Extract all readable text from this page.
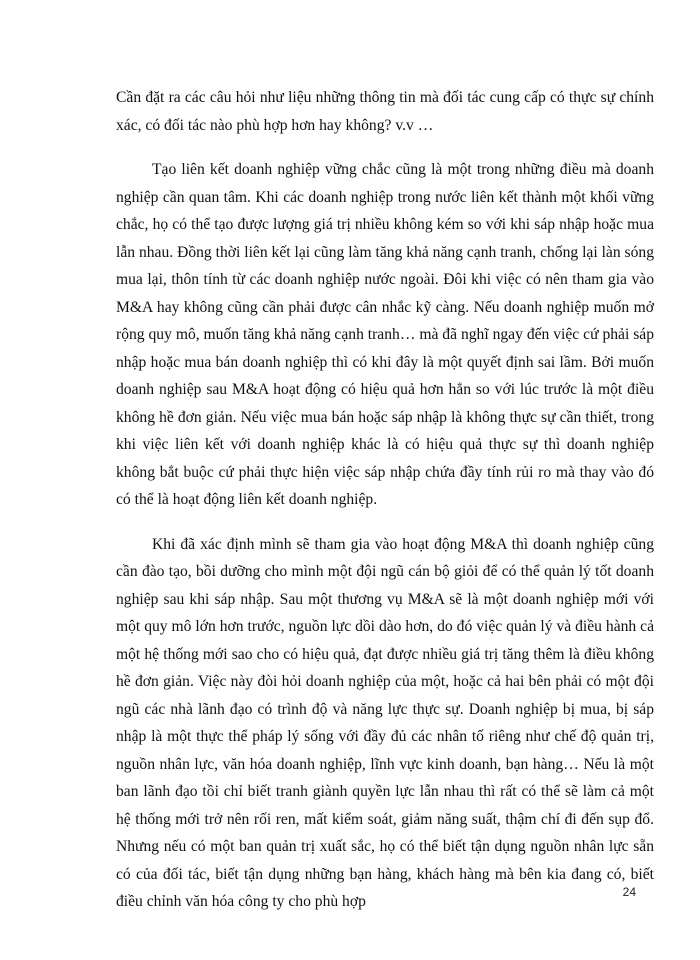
Cần đặt ra các câu hỏi như liệu những thông tin mà đối tác cung cấp có thực sự chính xác, có đối tác nào phù hợp hơn hay không? v.v …

Tạo liên kết doanh nghiệp vững chắc cũng là một trong những điều mà doanh nghiệp cần quan tâm. Khi các doanh nghiệp trong nước liên kết thành một khối vững chắc, họ có thể tạo được lượng giá trị nhiều không kém so với khi sáp nhập hoặc mua lẫn nhau. Đồng thời liên kết lại cũng làm tăng khả năng cạnh tranh, chống lại làn sóng mua lại, thôn tính từ các doanh nghiệp nước ngoài. Đôi khi việc có nên tham gia vào M&A hay không cũng cần phải được cân nhắc kỹ càng. Nếu doanh nghiệp muốn mở rộng quy mô, muốn tăng khả năng cạnh tranh… mà đã nghĩ ngay đến việc cứ phải sáp nhập hoặc mua bán doanh nghiệp thì có khi đây là một quyết định sai lầm. Bởi muốn doanh nghiệp sau M&A hoạt động có hiệu quả hơn hẳn so với lúc trước là một điều không hề đơn giản. Nếu việc mua bán hoặc sáp nhập là không thực sự cần thiết, trong khi việc liên kết với doanh nghiệp khác là có hiệu quả thực sự thì doanh nghiệp không bắt buộc cứ phải thực hiện việc sáp nhập chứa đầy tính rủi ro mà thay vào đó có thể là hoạt động liên kết doanh nghiệp.

Khi đã xác định mình sẽ tham gia vào hoạt động M&A thì doanh nghiệp cũng cần đào tạo, bồi dưỡng cho mình một đội ngũ cán bộ giỏi để có thể quản lý tốt doanh nghiệp sau khi sáp nhập. Sau một thương vụ M&A sẽ là một doanh nghiệp mới với một quy mô lớn hơn trước, nguồn lực dồi dào hơn, do đó việc quản lý và điều hành cả một hệ thống mới sao cho có hiệu quả, đạt được nhiều giá trị tăng thêm là điều không hề đơn giản. Việc này đòi hỏi doanh nghiệp của một, hoặc cả hai bên phải có một đội ngũ các nhà lãnh đạo có trình độ và năng lực thực sự. Doanh nghiệp bị mua, bị sáp nhập là một thực thể pháp lý sống với đầy đủ các nhân tố riêng như chế độ quản trị, nguồn nhân lực, văn hóa doanh nghiệp, lĩnh vực kinh doanh, bạn hàng… Nếu là một ban lãnh đạo tồi chỉ biết tranh giành quyền lực lẫn nhau thì rất có thể sẽ làm cả một hệ thống mới trở nên rối ren, mất kiểm soát, giảm năng suất, thậm chí đi đến sụp đổ. Nhưng nếu có một ban quản trị xuất sắc, họ có thể biết tận dụng nguồn nhân lực sẵn có của đối tác, biết tận dụng những bạn hàng, khách hàng mà bên kia đang có, biết điều chỉnh văn hóa công ty cho phù hợp

24
